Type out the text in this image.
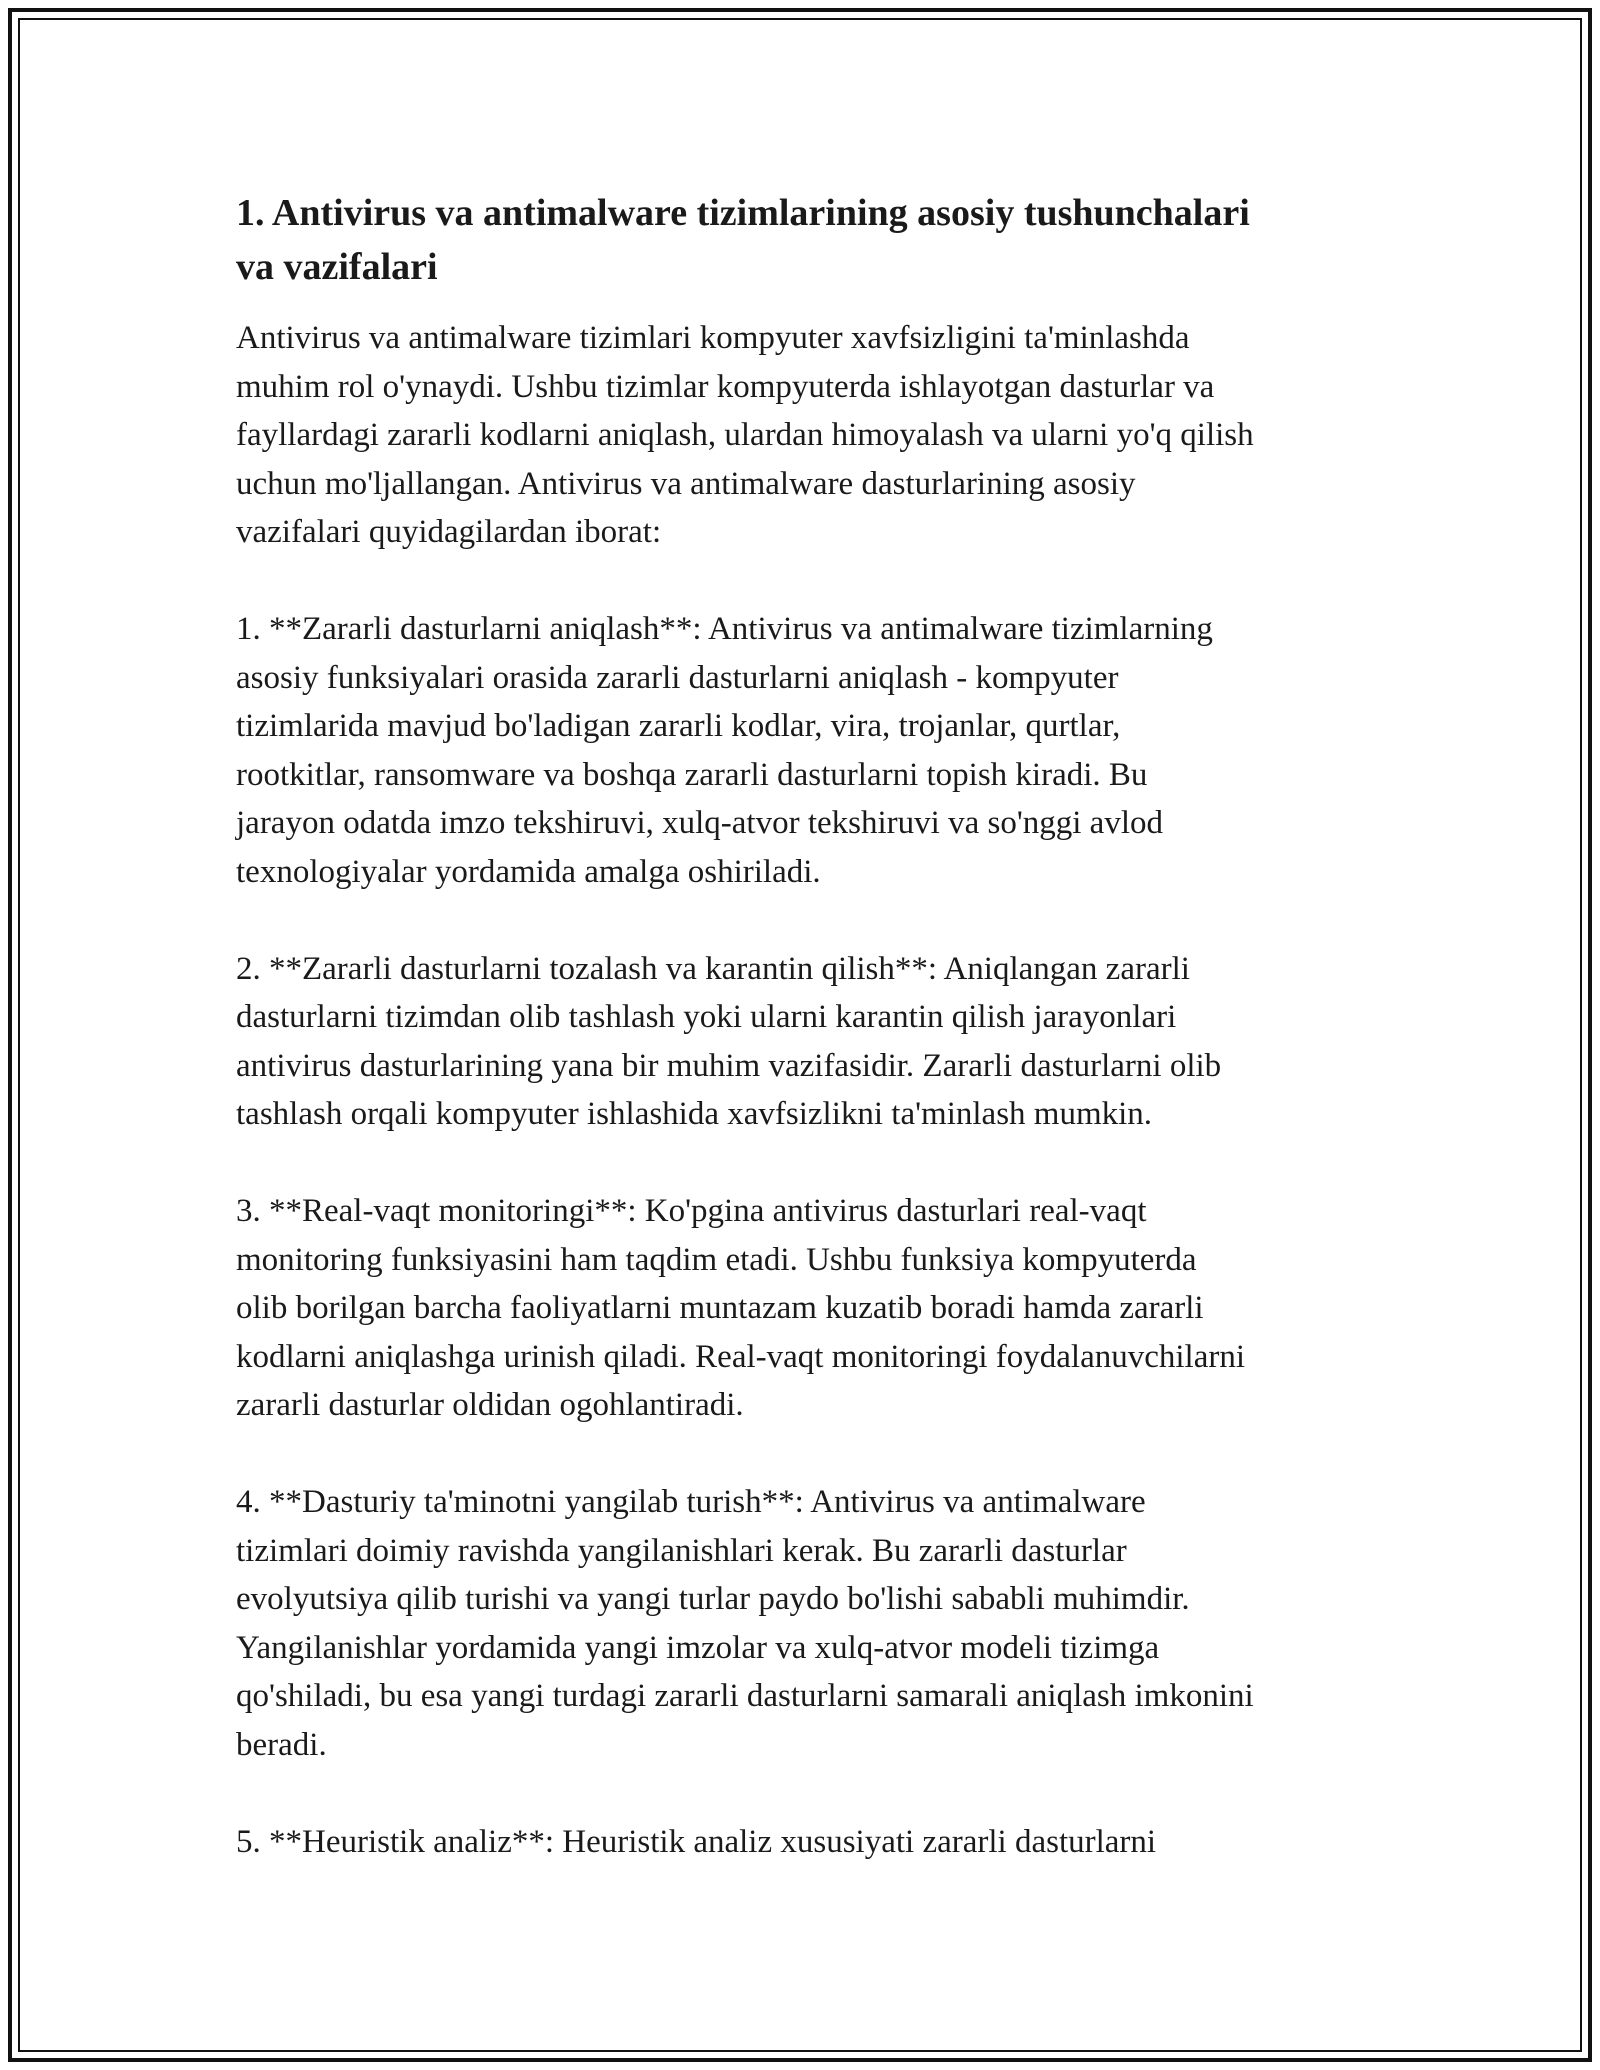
1. Antivirus va antimalware tizimlarining asosiy tushunchalari
va vazifalari

Antivirus va antimalware tizimlari kompyuter xavfsizligini ta'minlashda
muhim rol o'ynaydi. Ushbu tizimlar kompyuterda ishlayotgan dasturlar va
fayllardagi zararli kodlarni aniqlash, ulardan himoyalash va ularni yo'q qilish
uchun mo'ljallangan. Antivirus va antimalware dasturlarining asosiy
vazifalari quyidagilardan iborat:

1. **Zararli dasturlarni aniqlash**: Antivirus va antimalware tizimlarning
asosiy funksiyalari orasida zararli dasturlarni aniqlash - kompyuter
tizimlarida mavjud bo'ladigan zararli kodlar, vira, trojanlar, qurtlar,
rootkitlar, ransomware va boshqa zararli dasturlarni topish kiradi. Bu
jarayon odatda imzo tekshiruvi, xulq-atvor tekshiruvi va so'nggi avlod
texnologiyalar yordamida amalga oshiriladi.

2. **Zararli dasturlarni tozalash va karantin qilish**: Aniqlangan zararli
dasturlarni tizimdan olib tashlash yoki ularni karantin qilish jarayonlari
antivirus dasturlarining yana bir muhim vazifasidir. Zararli dasturlarni olib
tashlash orqali kompyuter ishlashida xavfsizlikni ta'minlash mumkin.

3. **Real-vaqt monitoringi**: Ko'pgina antivirus dasturlari real-vaqt
monitoring funksiyasini ham taqdim etadi. Ushbu funksiya kompyuterda
olib borilgan barcha faoliyatlarni muntazam kuzatib boradi hamda zararli
kodlarni aniqlashga urinish qiladi. Real-vaqt monitoringi foydalanuvchilarni
zararli dasturlar oldidan ogohlantiradi.

4. **Dasturiy ta'minotni yangilab turish**: Antivirus va antimalware
tizimlari doimiy ravishda yangilanishlari kerak. Bu zararli dasturlar
evolyutsiya qilib turishi va yangi turlar paydo bo'lishi sababli muhimdir.
Yangilanishlar yordamida yangi imzolar va xulq-atvor modeli tizimga
qo'shiladi, bu esa yangi turdagi zararli dasturlarni samarali aniqlash imkonini
beradi.

5. **Heuristik analiz**: Heuristik analiz xususiyati zararli dasturlarni
